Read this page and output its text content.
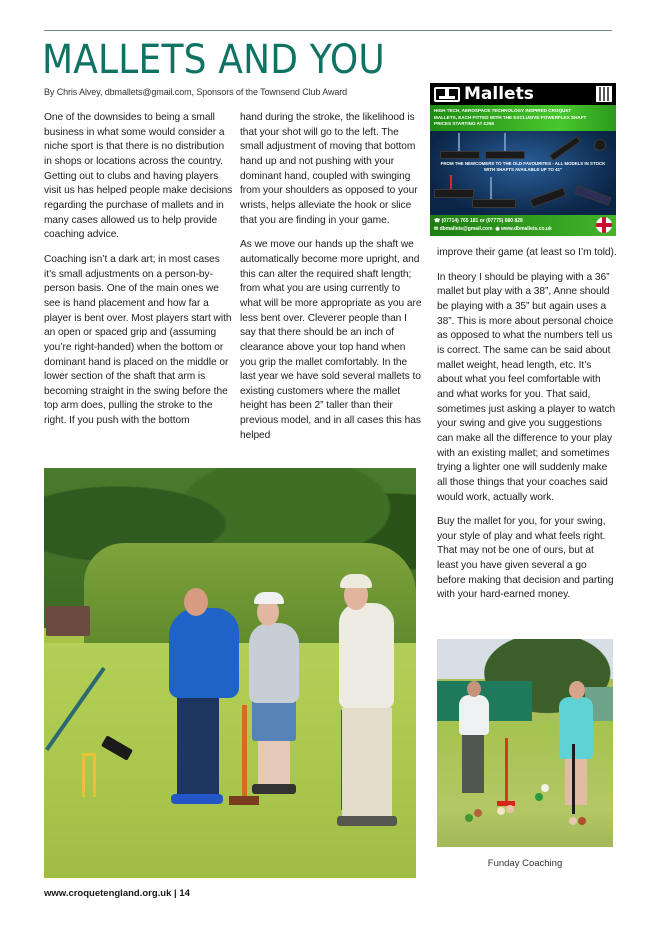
MALLETS AND YOU
By Chris Alvey, dbmallets@gmail.com, Sponsors of the Townsend Club Award

One of the downsides to being a small business in what some would consider a niche sport is that there is no distribution in shops or locations across the country. Getting out to clubs and having players visit us has helped people make decisions regarding the purchase of mallets and in many cases allowed us to help provide coaching advice.

Coaching isn’t a dark art; in most cases it’s small adjustments on a person-by-person basis. One of the main ones we see is hand placement and how far a player is bent over. Most players start with an open or spaced grip and (assuming you’re right-handed) when the bottom or dominant hand is placed on the middle or lower section of the shaft that arm is becoming straight in the swing before the top arm does, pulling the stroke to the right. If you push with the bottom

hand during the stroke, the likelihood is that your shot will go to the left. The small adjustment of moving that bottom hand up and not pushing with your dominant hand, coupled with swinging from your shoulders as opposed to your wrists, helps alleviate the hook or slice that you are finding in your game.

As we move our hands up the shaft we automatically become more upright, and this can alter the required shaft length; from what you are using currently to what will be more appropriate as you are less bent over. Cleverer people than I say that there should be an inch of clearance above your top hand when you grip the mallet comfortably. In the last year we have sold several mallets to existing customers where the mallet height has been 2” taller than their previous model, and in all cases this has helped

improve their game (at least so I’m told).

In theory I should be playing with a 36” mallet but play with a 38”, Anne should be playing with a 35” but again uses a 38”. This is more about personal choice as opposed to what the numbers tell us is correct. The same can be said about mallet weight, head length, etc. It’s about what you feel comfortable with and what works for you. That said, sometimes just asking a player to watch your swing and give you suggestions can make all the difference to your play with an existing mallet; and sometimes trying a lighter one will suddenly make all those things that your coaches said would work, actually work.

Buy the mallet for you, for your swing, your style of play and what feels right. That may not be one of ours, but at least you have given several a go before making that decision and parting with your hard-earned money.

Mallets
HIGH TECH, AEROSPACE TECHNOLOGY INSPIRED CROQUET
MALLETS, EACH FITTED WITH THE EXCLUSIVE POWERFLEX SHAFT
PRICES STARTING AT £268
FROM THE NEWCOMERS TO THE OLD FAVOURITES - ALL MODELS IN STOCK
WITH SHAFTS AVAILABLE UP TO 41"
☎ (07714) 765 181 or (07775) 680 828
✉ dbmallets@gmail.com ◉ www.dbmallets.co.uk
Funday Coaching
www.croquetengland.org.uk | 14
